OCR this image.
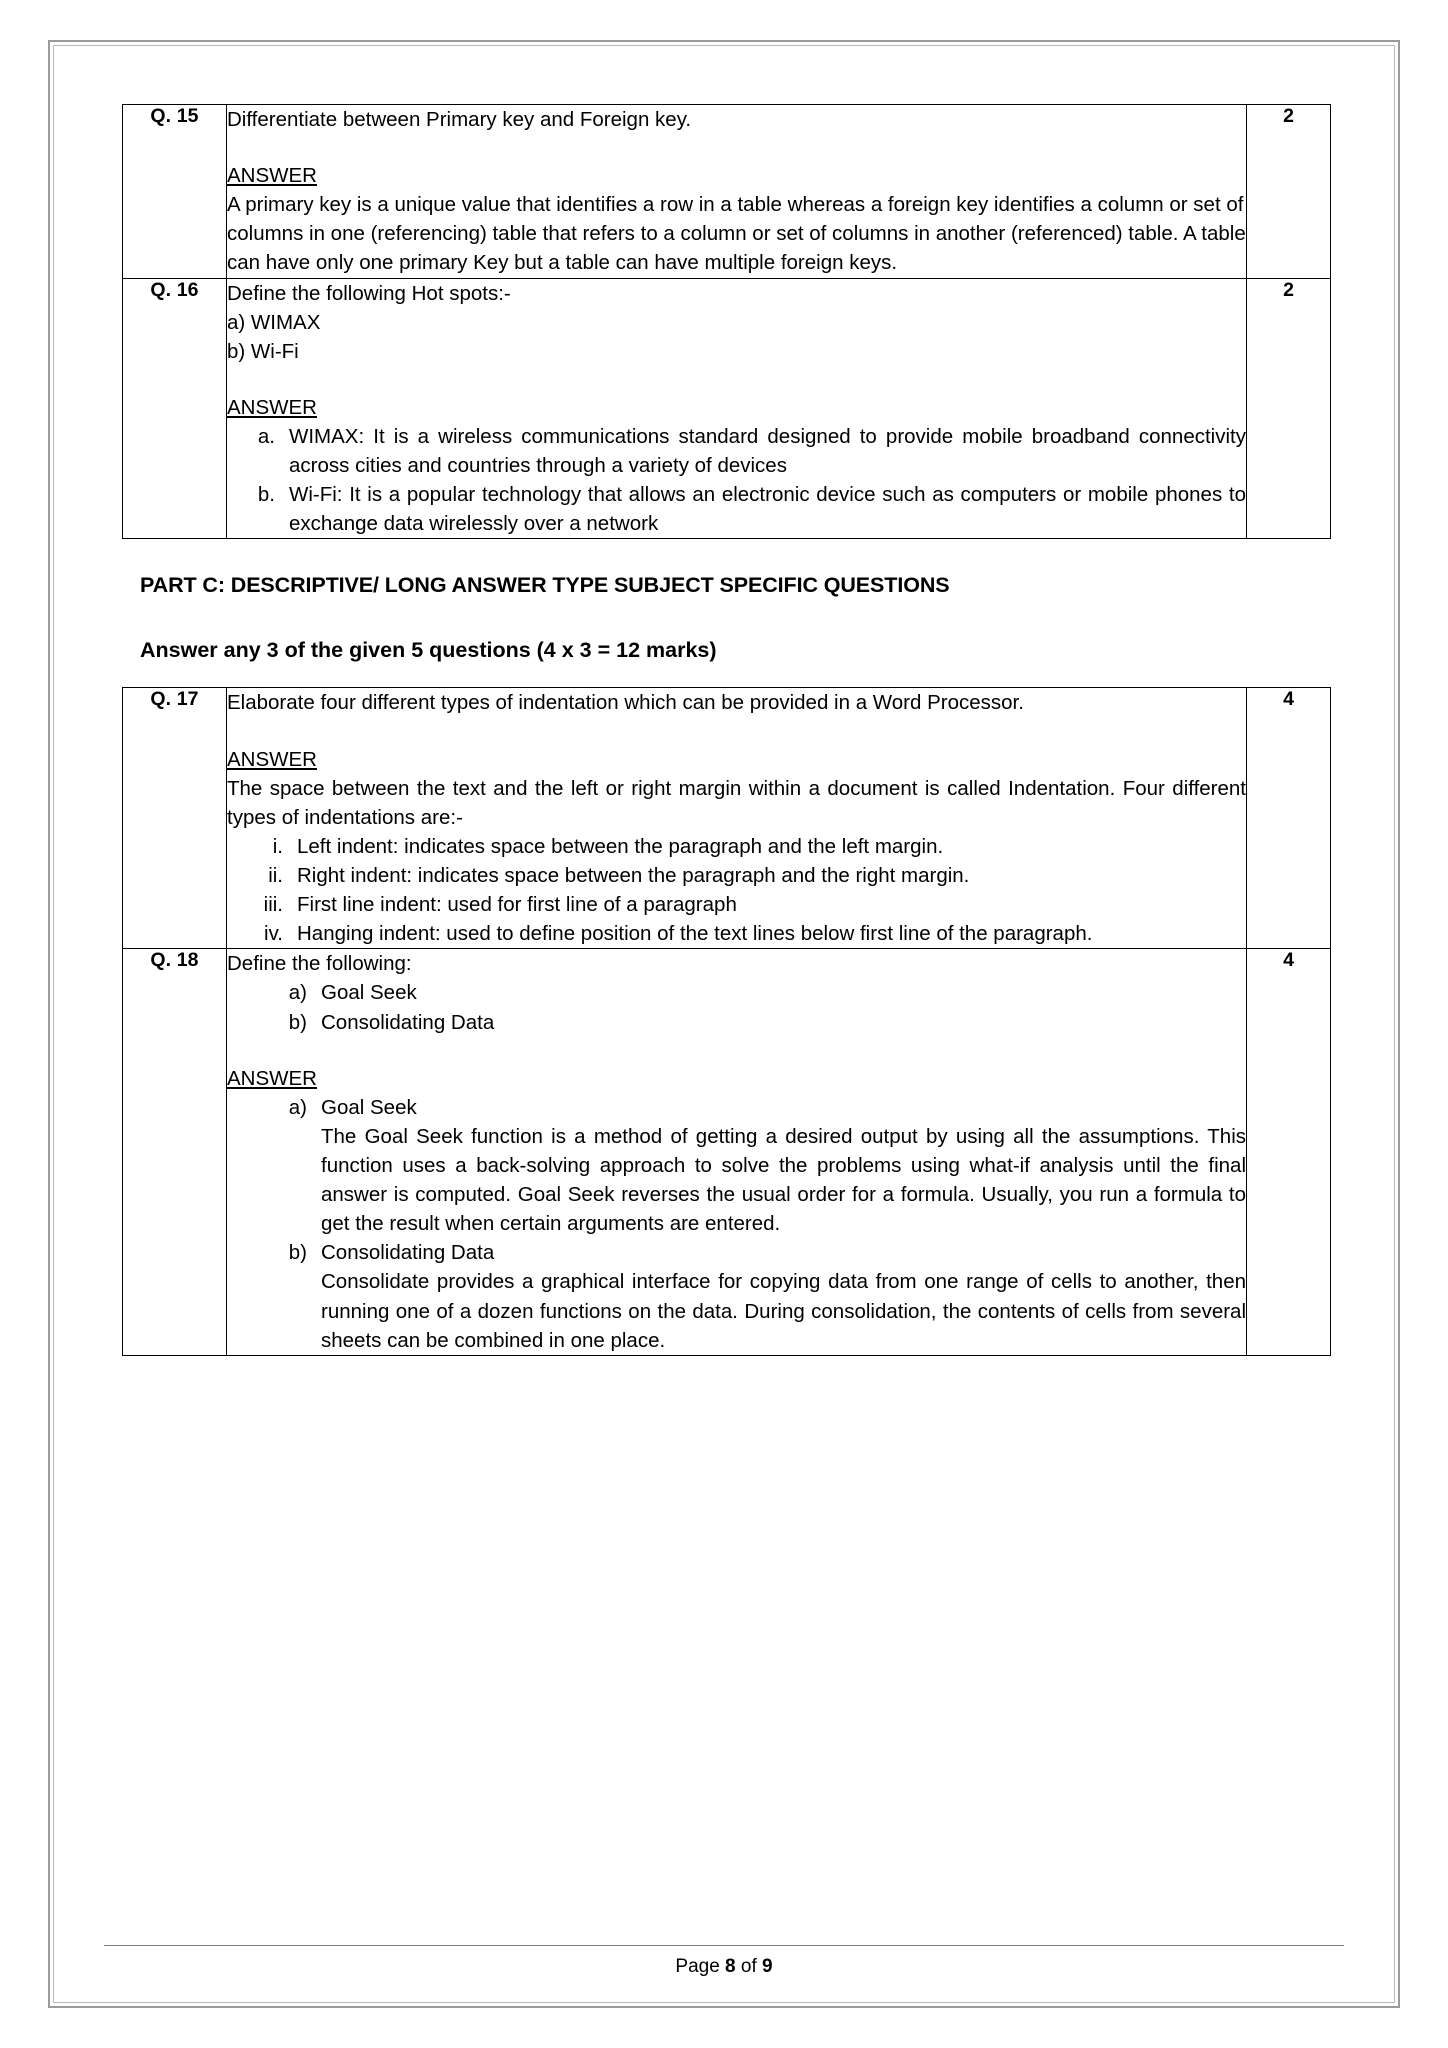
Q. 15	Differentiate between Primary key and Foreign key.

ANSWER

A primary key is a unique value that identifies a row in a table whereas a foreign key identifies a column or set of columns in one (referencing) table that refers to a column or set of columns in another (referenced) table. A table can have only one primary Key but a table can have multiple foreign keys.	2
Q. 16	Define the following Hot spots:-

a) WIMAX
b) Wi-Fi

ANSWER

a. WIMAX: It is a wireless communications standard designed to provide mobile broadband connectivity across cities and countries through a variety of devices
b. Wi-Fi: It is a popular technology that allows an electronic device such as computers or mobile phones to exchange data wirelessly over a network
	2
PART C: DESCRIPTIVE/ LONG ANSWER TYPE SUBJECT SPECIFIC QUESTIONS
Answer any 3 of the given 5 questions (4 x 3 = 12 marks)
Q. 17	Elaborate four different types of indentation which can be provided in a Word Processor.

ANSWER

The space between the text and the left or right margin within a document is called Indentation. Four different types of indentations are:-

i. Left indent: indicates space between the paragraph and the left margin.
ii. Right indent: indicates space between the paragraph and the right margin.
iii. First line indent: used for first line of a paragraph
iv. Hanging indent: used to define position of the text lines below first line of the paragraph.
	4
Q. 18	Define the following:

a) Goal Seek
b) Consolidating Data

ANSWER

a) Goal Seek
The Goal Seek function is a method of getting a desired output by using all the assumptions. This function uses a back-solving approach to solve the problems using what-if analysis until the final answer is computed. Goal Seek reverses the usual order for a formula. Usually, you run a formula to get the result when certain arguments are entered.
b) Consolidating Data
Consolidate provides a graphical interface for copying data from one range of cells to another, then running one of a dozen functions on the data. During consolidation, the contents of cells from several sheets can be combined in one place.
	4
Page 8 of 9
